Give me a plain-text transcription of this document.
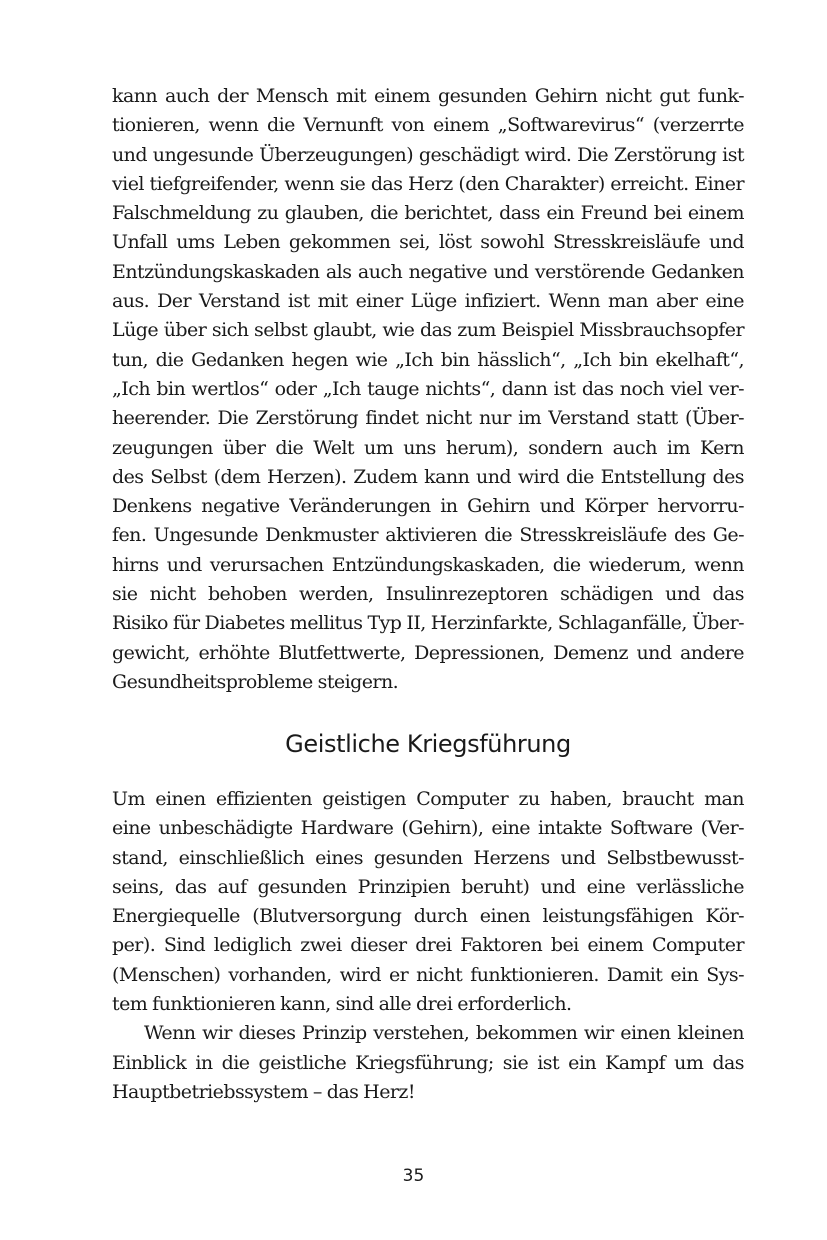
kann auch der Mensch mit einem gesunden Gehirn nicht gut funk-
tionieren, wenn die Vernunft von einem „Softwarevirus“ (verzerrte
und ungesunde Überzeugungen) geschädigt wird. Die Zerstörung ist
viel tiefgreifender, wenn sie das Herz (den Charakter) erreicht. Einer
Falschmeldung zu glauben, die berichtet, dass ein Freund bei einem
Unfall ums Leben gekommen sei, löst sowohl Stresskreisläufe und
Entzündungskaskaden als auch negative und verstörende Gedanken
aus. Der Verstand ist mit einer Lüge infiziert. Wenn man aber eine
Lüge über sich selbst glaubt, wie das zum Beispiel Missbrauchsopfer
tun, die Gedanken hegen wie „Ich bin hässlich“, „Ich bin ekelhaft“,
„Ich bin wertlos“ oder „Ich tauge nichts“, dann ist das noch viel ver-
heerender. Die Zerstörung findet nicht nur im Verstand statt (Über-
zeugungen über die Welt um uns herum), sondern auch im Kern
des Selbst (dem Herzen). Zudem kann und wird die Entstellung des
Denkens negative Veränderungen in Gehirn und Körper hervorru-
fen. Ungesunde Denkmuster aktivieren die Stresskreisläufe des Ge-
hirns und verursachen Entzündungskaskaden, die wiederum, wenn
sie nicht behoben werden, Insulinrezeptoren schädigen und das
Risiko für Diabetes mellitus Typ II, Herzinfarkte, Schlaganfälle, Über-
gewicht, erhöhte Blutfettwerte, Depressionen, Demenz und andere
Gesundheitsprobleme steigern.
Geistliche Kriegsführung
Um einen effizienten geistigen Computer zu haben, braucht man
eine unbeschädigte Hardware (Gehirn), eine intakte Software (Ver-
stand, einschließlich eines gesunden Herzens und Selbstbewusst-
seins, das auf gesunden Prinzipien beruht) und eine verlässliche
Energiequelle (Blutversorgung durch einen leistungsfähigen Kör-
per). Sind lediglich zwei dieser drei Faktoren bei einem Computer
(Menschen) vorhanden, wird er nicht funktionieren. Damit ein Sys-
tem funktionieren kann, sind alle drei erforderlich.
Wenn wir dieses Prinzip verstehen, bekommen wir einen kleinen
Einblick in die geistliche Kriegsführung; sie ist ein Kampf um das
Hauptbetriebssystem – das Herz!
35
